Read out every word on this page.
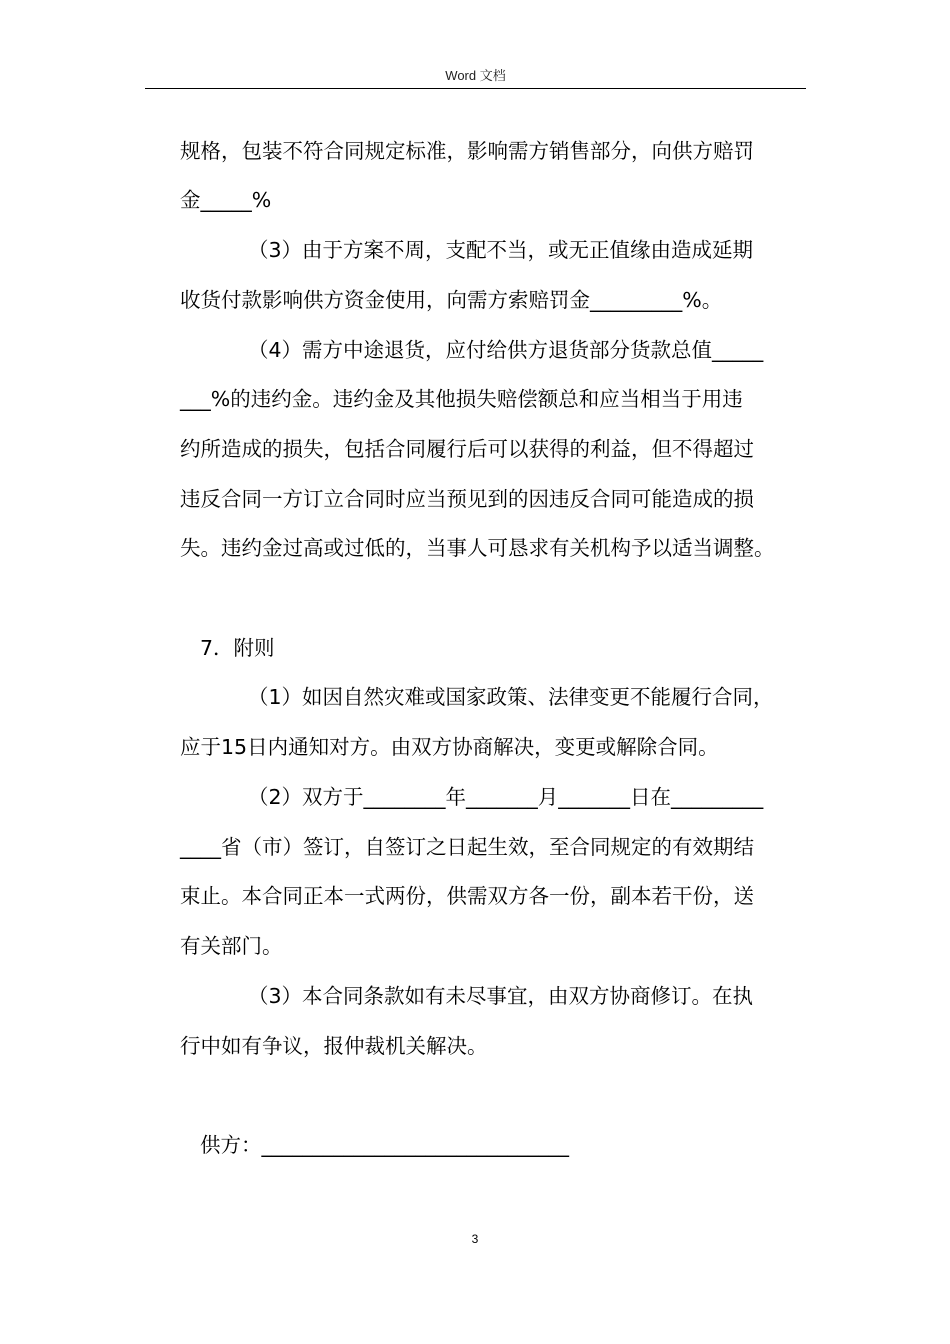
Word 文档
规格，包装不符合同规定标准，影响需方销售部分，向供方赔罚
金_____%
（3）由于方案不周，支配不当，或无正值缘由造成延期
收货付款影响供方资金使用，向需方索赔罚金_________%。
（4）需方中途退货，应付给供方退货部分货款总值_____
___%的违约金。违约金及其他损失赔偿额总和应当相当于用违
约所造成的损失，包括合同履行后可以获得的利益，但不得超过
违反合同一方订立合同时应当预见到的因违反合同可能造成的损
失。违约金过高或过低的，当事人可恳求有关机构予以适当调整。
7．附则
（1）如因自然灾难或国家政策、法律变更不能履行合同，
应于15日内通知对方。由双方协商解决，变更或解除合同。
（2）双方于________年_______月_______日在_________
____省（市）签订，自签订之日起生效，至合同规定的有效期结
束止。本合同正本一式两份，供需双方各一份，副本若干份，送
有关部门。
（3）本合同条款如有未尽事宜，由双方协商修订。在执
行中如有争议，报仲裁机关解决。
供方：______________________________
3
